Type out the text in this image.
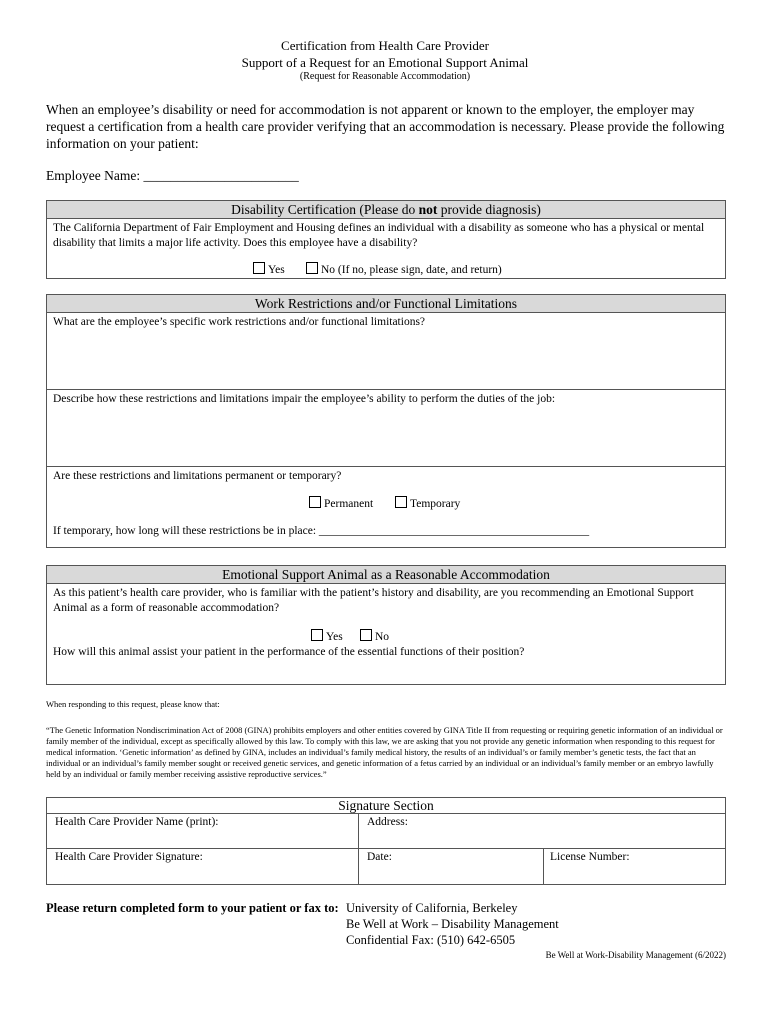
Certification from Health Care Provider
Support of a Request for an Emotional Support Animal
(Request for Reasonable Accommodation)
When an employee’s disability or need for accommodation is not apparent or known to the employer, the employer may request a certification from a health care provider verifying that an accommodation is necessary. Please provide the following information on your patient:
Employee Name: _______________________
Disability Certification (Please do not provide diagnosis)
The California Department of Fair Employment and Housing defines an individual with a disability as someone who has a physical or mental disability that limits a major life activity. Does this employee have a disability?
Yes	No (If no, please sign, date, and return)
Work Restrictions and/or Functional Limitations
What are the employee’s specific work restrictions and/or functional limitations?
Describe how these restrictions and limitations impair the employee’s ability to perform the duties of the job:
Are these restrictions and limitations permanent or temporary?
Permanent	Temporary
If temporary, how long will these restrictions be in place: _______________________________________________
Emotional Support Animal as a Reasonable Accommodation
As this patient’s health care provider, who is familiar with the patient’s history and disability, are you recommending an Emotional Support Animal as a form of reasonable accommodation?
Yes	No
How will this animal assist your patient in the performance of the essential functions of their position?
When responding to this request, please know that:
“The Genetic Information Nondiscrimination Act of 2008 (GINA) prohibits employers and other entities covered by GINA Title II from requesting or requiring genetic information of an individual or family member of the individual, except as specifically allowed by this law. To comply with this law, we are asking that you not provide any genetic information when responding to this request for medical information. ‘Genetic information’ as defined by GINA, includes an individual’s family medical history, the results of an individual’s or family member’s genetic tests, the fact that an individual or an individual’s family member sought or received genetic services, and genetic information of a fetus carried by an individual or an individual’s family member or an embryo lawfully held by an individual or family member receiving assistive reproductive services.”
Signature Section
Health Care Provider Name (print):	Address:
Health Care Provider Signature:	Date:	License Number:
Please return completed form to your patient or fax to: University of California, Berkeley
Be Well at Work – Disability Management
Confidential Fax: (510) 642-6505
Be Well at Work-Disability Management (6/2022)
